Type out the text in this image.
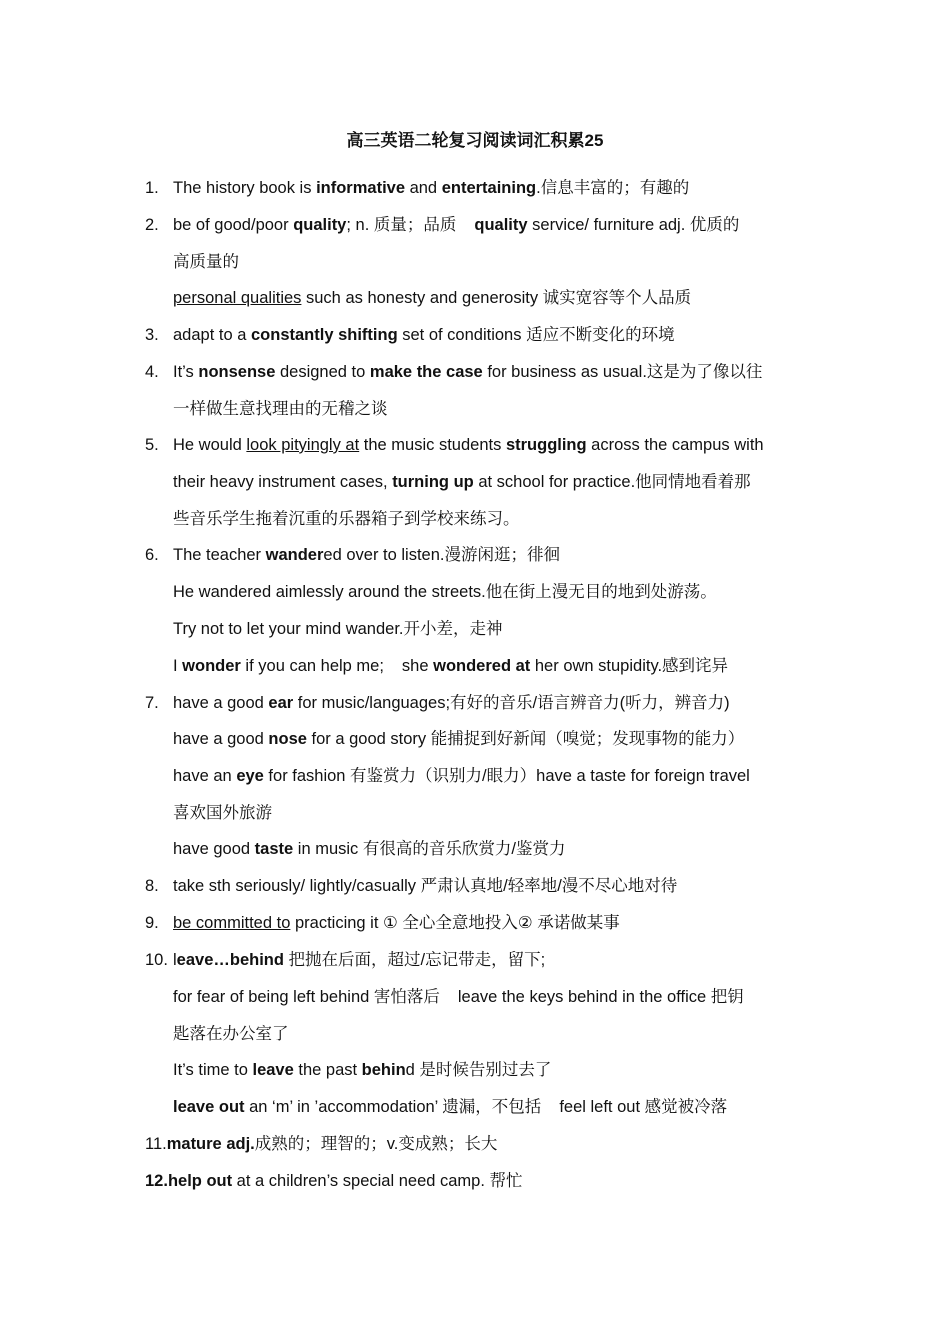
高三英语二轮复习阅读词汇积累25
1. The history book is informative and entertaining.信息丰富的；有趣的
2. be of good/poor quality; n. 质量；品质 quality service/ furniture adj. 优质的
高质量的
personal qualities such as honesty and generosity 诚实宽容等个人品质
3. adapt to a constantly shifting set of conditions 适应不断变化的环境
4. It’s nonsense designed to make the case for business as usual.这是为了像以往
一样做生意找理由的无稽之谈
5. He would look pityingly at the music students struggling across the campus with
their heavy instrument cases, turning up at school for practice.他同情地看着那
些音乐学生拖着沉重的乐器箱子到学校来练习。
6. The teacher wandered over to listen.漫游闲逛；徘徊
He wandered aimlessly around the streets.他在街上漫无目的地到处游荡。
Try not to let your mind wander.开小差，走神
I wonder if you can help me; she wondered at her own stupidity.感到诧异
7. have a good ear for music/languages;有好的音乐/语言辨音力(听力，辨音力)
have a good nose for a good story 能捕捉到好新闻（嗅觉；发现事物的能力）
have an eye for fashion 有鉴赏力（识别力/眼力）have a taste for foreign travel
喜欢国外旅游
have good taste in music 有很高的音乐欣赏力/鉴赏力
8. take sth seriously/ lightly/casually 严肃认真地/轻率地/漫不尽心地对待
9. be committed to practicing it ① 全心全意地投入② 承诺做某事
10. leave…behind 把抛在后面，超过/忘记带走，留下;
for fear of being left behind 害怕落后 leave the keys behind in the office 把钥
匙落在办公室了
It’s time to leave the past behind 是时候告别过去了
leave out an ‘m’ in ’accommodation’ 遗漏，不包括 feel left out 感觉被冷落
11.mature adj.成熟的；理智的；v.变成熟；长大
12.help out at a children’s special need camp. 帮忙
